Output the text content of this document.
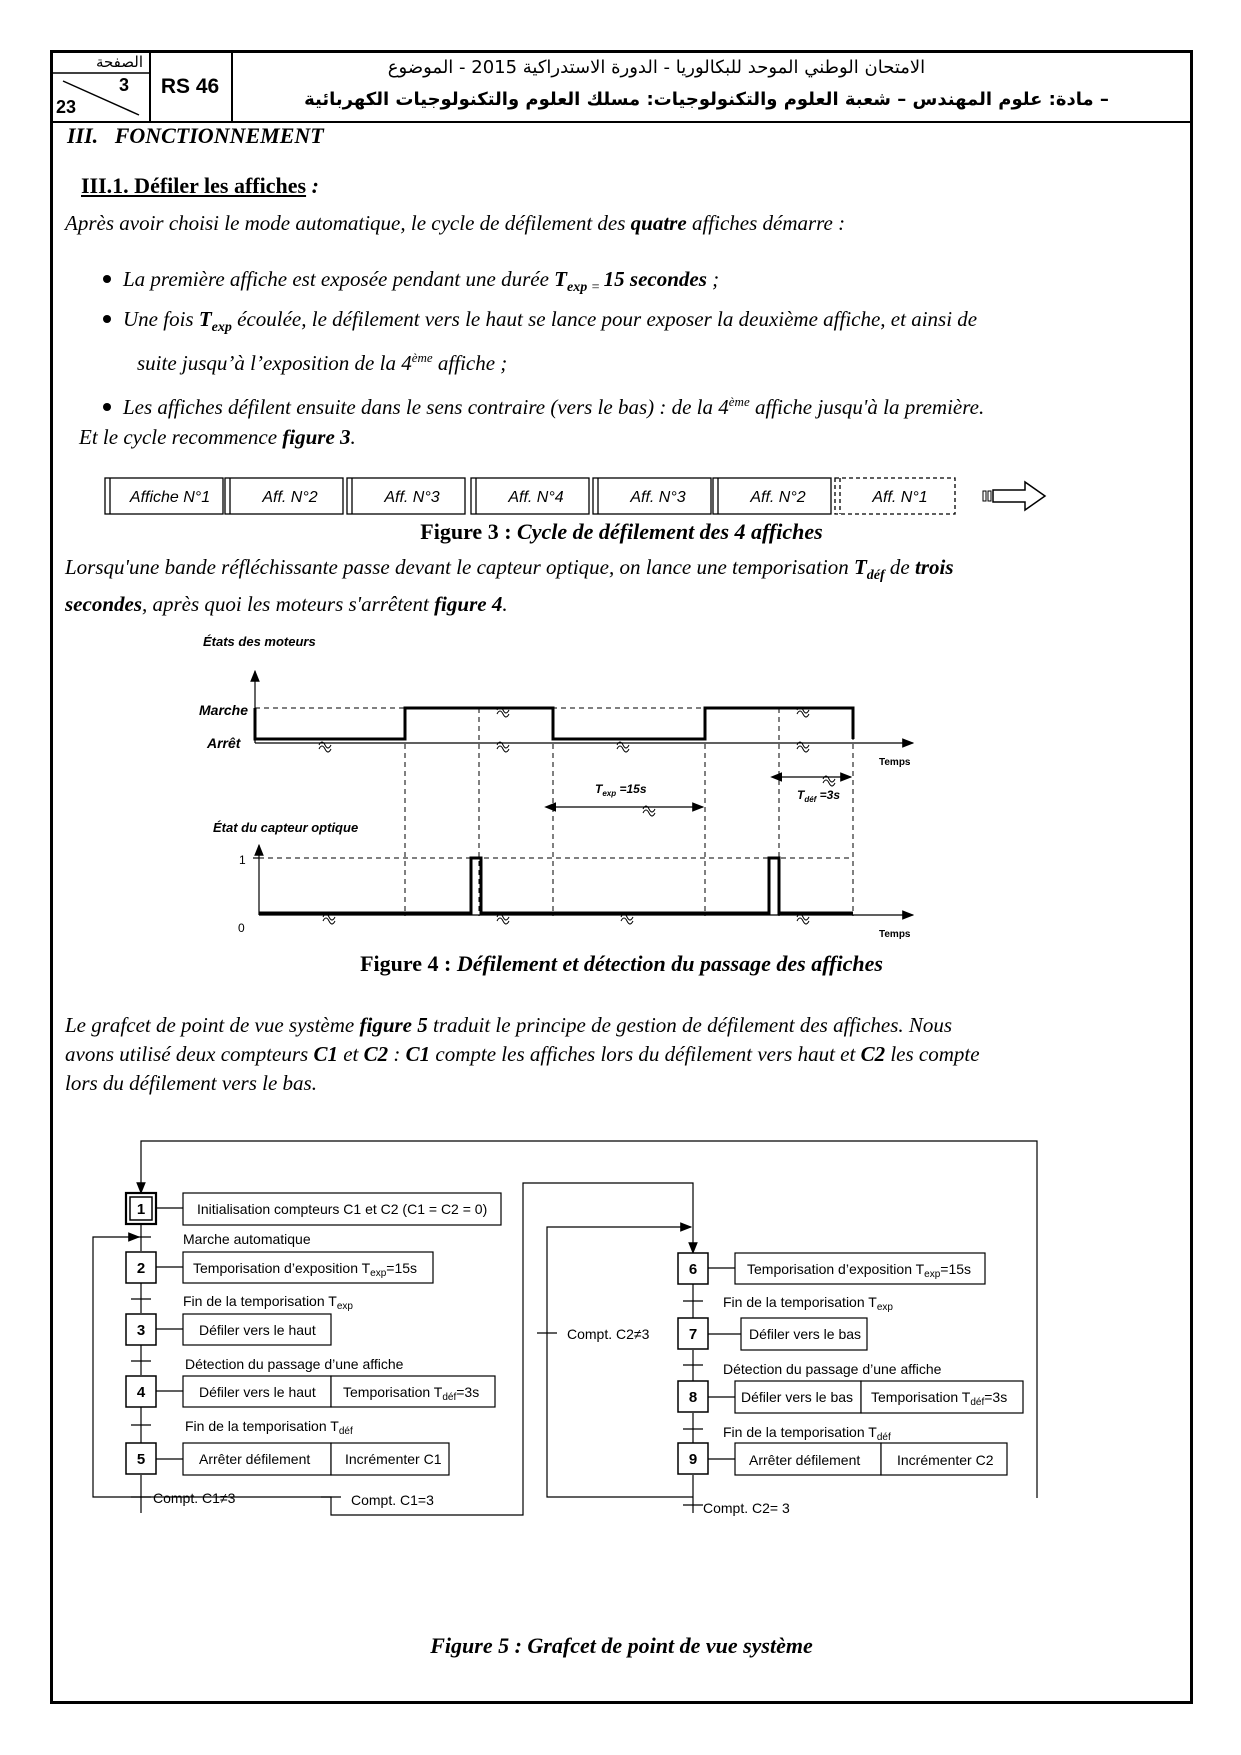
الصفحة
3
23
RS 46
الامتحان الوطني الموحد للبكالوريا - الدورة الاستدراكية 2015 - الموضوع
– مادة: علوم المهندس – شعبة العلوم والتكنولوجيات: مسلك العلوم والتكنولوجيات الكهربائية
III. FONCTIONNEMENT
III.1. Défiler les affiches :

Après avoir choisi le mode automatique, le cycle de défilement des quatre affiches démarre :

La première affiche est exposée pendant une durée $T_{exp}$ $_=$ 15 secondes ;
Une fois $T_{exp}$ écoulée, le défilement vers le haut se lance pour exposer la deuxième affiche, et ainsi de
suite jusqu’à l’exposition de la 4ème affiche ;
Les affiches défilent ensuite dans le sens contraire (vers le bas) : de la 4ème affiche jusqu'à la première.

Et le cycle recommence figure 3.

Affiche N°1	Aff. N°2	Aff. N°3	Aff. N°4	Aff. N°3	Aff. N°2	Aff. N°1
Figure 3 : Cycle de défilement des 4 affiches

Lorsqu'une bande réfléchissante passe devant le capteur optique, on lance une temporisation $T_{déf}$ de trois

secondes, après quoi les moteurs s'arrêtent figure 4.

États des moteurs
Marche
Arrêt
Temps
$T_{exp} =15s$	$T_{déf} =3s$
État du capteur optique
1
0	Temps
Figure 4 : Défilement et détection du passage des affiches

Le grafcet de point de vue système figure 5 traduit le principe de gestion de défilement des affiches. Nous

avons utilisé deux compteurs C1 et C2 : C1 compte les affiches lors du défilement vers haut et C2 les compte

lors du défilement vers le bas.

1
2
3
4
5
6
7
8
9
Initialisation compteurs C1 et C2 (C1 = C2 = 0)
Marche automatique
Temporisation d’exposition $T_{exp}=15s$
Fin de la temporisation $T_{exp}$
Défiler vers le haut
Détection du passage d’une affiche
Défiler vers le haut Temporisation $T_{déf}=3s$
Fin de la temporisation $T_{déf}$
Arrêter défilement Incrémenter C1
Compt. C1≠3	Compt. C1=3
Temporisation d’exposition $T_{exp}=15s$
Fin de la temporisation $T_{exp}$
Défiler vers le bas
Compt. C2≠3
Détection du passage d’une affiche
Défiler vers le bas Temporisation $T_{déf}=3s$
Fin de la temporisation $T_{déf}$
Arrêter défilement	Incrémenter C2
Compt. C2= 3
Figure 5 : Grafcet de point de vue système
